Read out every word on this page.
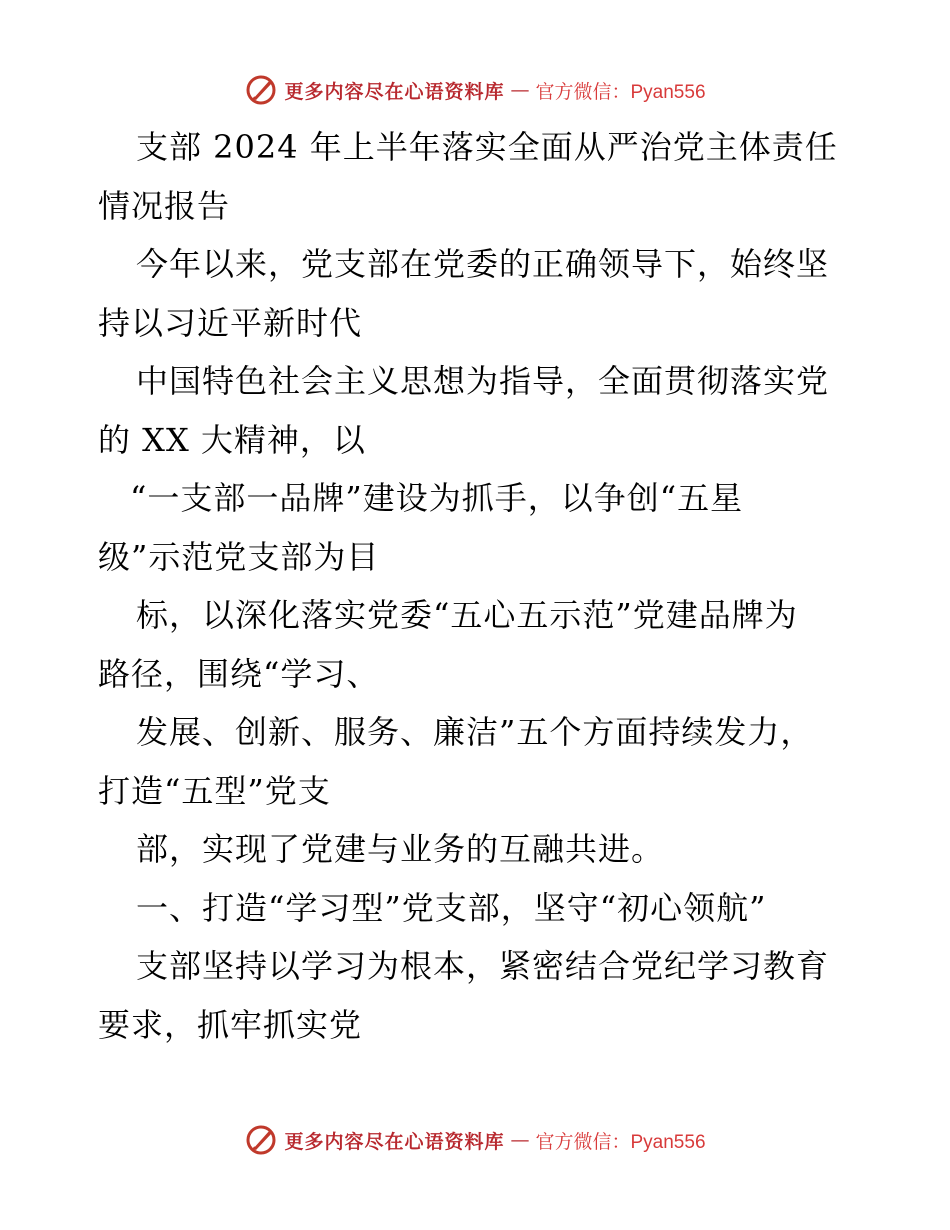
更多内容尽在心语资料库 — 官方微信：Pyan556
支部 2024 年上半年落实全面从严治党主体责任
情况报告
今年以来，党支部在党委的正确领导下，始终坚
持以习近平新时代
中国特色社会主义思想为指导，全面贯彻落实党
的 XX 大精神，以
“一支部一品牌”建设为抓手，以争创“五星
级”示范党支部为目
标，以深化落实党委“五心五示范”党建品牌为
路径，围绕“学习、
发展、创新、服务、廉洁”五个方面持续发力，
打造“五型”党支
部，实现了党建与业务的互融共进。
一、打造“学习型”党支部，坚守“初心领航”
支部坚持以学习为根本，紧密结合党纪学习教育
要求，抓牢抓实党
更多内容尽在心语资料库 — 官方微信：Pyan556
